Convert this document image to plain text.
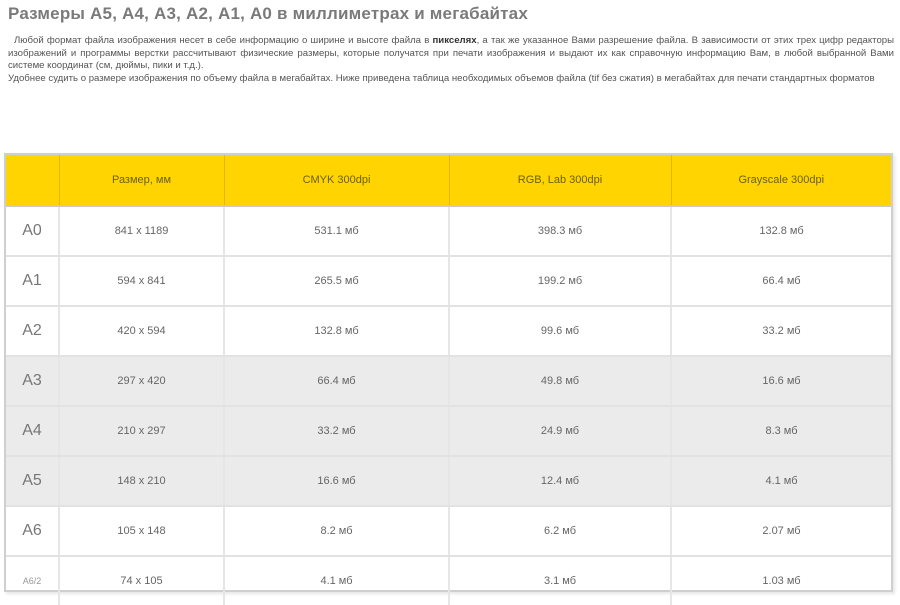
Размеры А5, А4, А3, А2, А1, А0 в миллиметрах и мегабайтах

Любой формат файла изображения несет в себе информацию о ширине и высоте файла в пикселях, а так же указанное Вами разрешение файла. В зависимости от этих трех цифр редакторы изображений и программы верстки рассчитывают физические размеры, которые получатся при печати изображения и выдают их как справочную информацию Вам, в любой выбранной Вами системе координат (см, дюймы, пики и т.д.).

Удобнее судить о размере изображения по объему файла в мегабайтах. Ниже приведена таблица необходимых объемов файла (tif без сжатия) в мегабайтах для печати стандартных форматов

	Размер, мм	CMYK 300dpi	RGB, Lab 300dpi	Grayscale 300dpi
A0	841 x 1189	531.1 мб	398.3 мб	132.8 мб
A1	594 x 841	265.5 мб	199.2 мб	66.4 мб
A2	420 x 594	132.8 мб	99.6 мб	33.2 мб
A3	297 x 420	66.4 мб	49.8 мб	16.6 мб
A4	210 x 297	33.2 мб	24.9 мб	8.3 мб
A5	148 x 210	16.6 мб	12.4 мб	4.1 мб
A6	105 x 148	8.2 мб	6.2 мб	2.07 мб
A6/2	74 x 105	4.1 мб	3.1 мб	1.03 мб
